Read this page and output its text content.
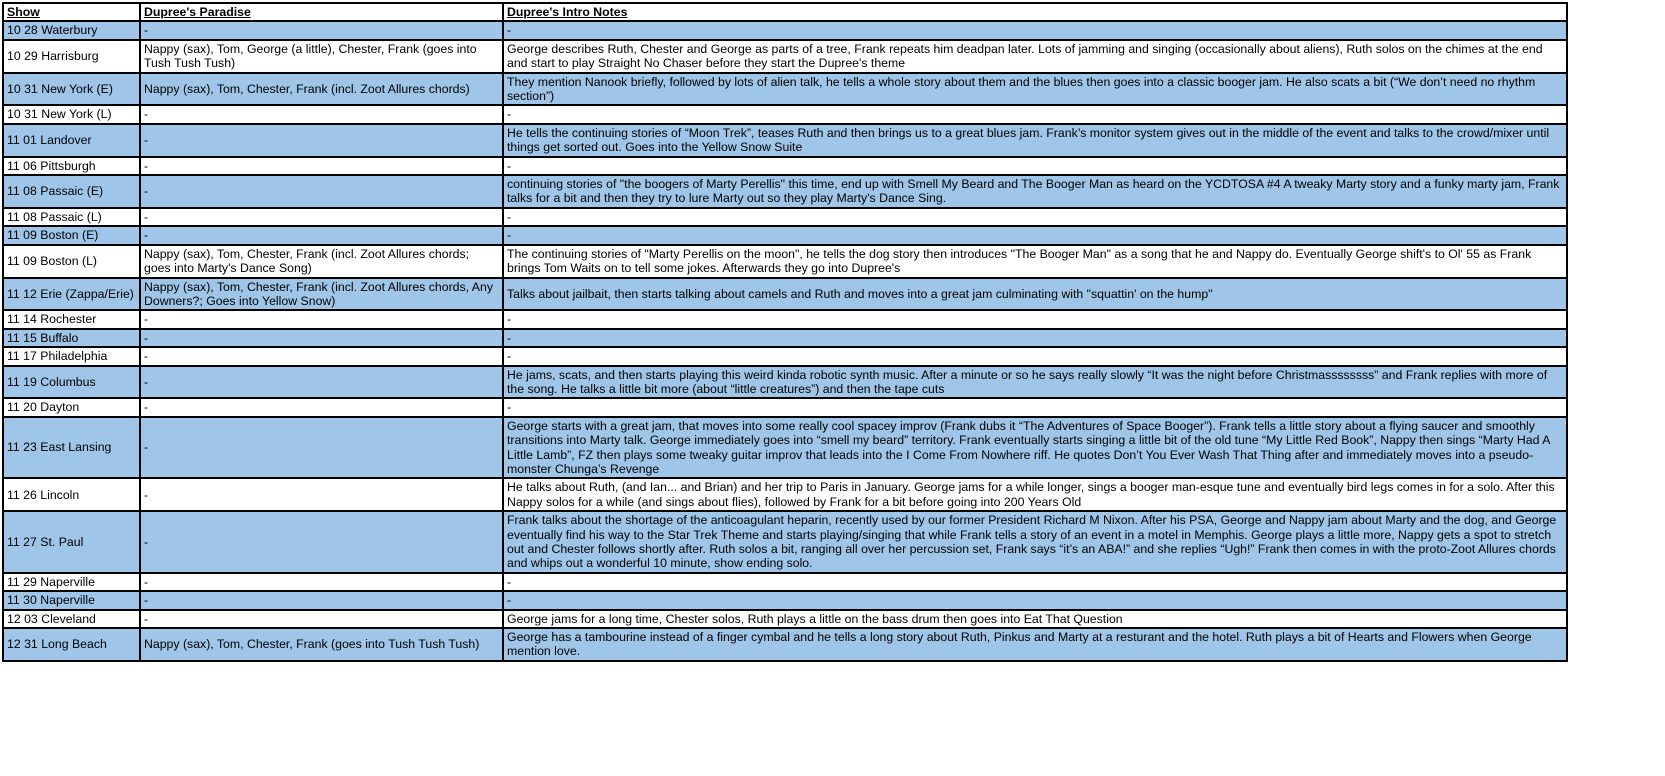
Show	Dupree's Paradise	Dupree's Intro Notes
10 28 Waterbury	-	-
10 29 Harrisburg	Nappy (sax), Tom, George (a little), Chester, Frank (goes into Tush Tush Tush)	George describes Ruth, Chester and George as parts of a tree, Frank repeats him deadpan later. Lots of jamming and singing (occasionally about aliens), Ruth solos on the chimes at the end and start to play Straight No Chaser before they start the Dupree's theme
10 31 New York (E)	Nappy (sax), Tom, Chester, Frank (incl. Zoot Allures chords)	They mention Nanook briefly, followed by lots of alien talk, he tells a whole story about them and the blues then goes into a classic booger jam. He also scats a bit (“We don’t need no rhythm section”)
10 31 New York (L)	-	-
11 01 Landover	-	He tells the continuing stories of “Moon Trek”, teases Ruth and then brings us to a great blues jam. Frank’s monitor system gives out in the middle of the event and talks to the crowd/mixer until things get sorted out. Goes into the Yellow Snow Suite
11 06 Pittsburgh	-	-
11 08 Passaic (E)	-	continuing stories of "the boogers of Marty Perellis" this time, end up with Smell My Beard and The Booger Man as heard on the YCDTOSA #4 A tweaky Marty story and a funky marty jam, Frank talks for a bit and then they try to lure Marty out so they play Marty's Dance Sing.
11 08 Passaic (L)	-	-
11 09 Boston (E)	-	-
11 09 Boston (L)	Nappy (sax), Tom, Chester, Frank (incl. Zoot Allures chords; goes into Marty's Dance Song)	The continuing stories of "Marty Perellis on the moon", he tells the dog story then introduces "The Booger Man" as a song that he and Nappy do. Eventually George shift's to Ol' 55 as Frank brings Tom Waits on to tell some jokes. Afterwards they go into Dupree's
11 12 Erie (Zappa/Erie)	Nappy (sax), Tom, Chester, Frank (incl. Zoot Allures chords, Any Downers?; Goes into Yellow Snow)	Talks about jailbait, then starts talking about camels and Ruth and moves into a great jam culminating with "squattin' on the hump"
11 14 Rochester	-	-
11 15 Buffalo	-	-
11 17 Philadelphia	-	-
11 19 Columbus	-	He jams, scats, and then starts playing this weird kinda robotic synth music. After a minute or so he says really slowly “It was the night before Christmassssssss” and Frank replies with more of the song. He talks a little bit more (about “little creatures”) and then the tape cuts
11 20 Dayton	-	-
11 23 East Lansing	-	George starts with a great jam, that moves into some really cool spacey improv (Frank dubs it “The Adventures of Space Booger”). Frank tells a little story about a flying saucer and smoothly transitions into Marty talk. George immediately goes into “smell my beard” territory. Frank eventually starts singing a little bit of the old tune “My Little Red Book”, Nappy then sings “Marty Had A Little Lamb”, FZ then plays some tweaky guitar improv that leads into the I Come From Nowhere riff. He quotes Don’t You Ever Wash That Thing after and immediately moves into a pseudo-monster Chunga’s Revenge
11 26 Lincoln	-	He talks about Ruth, (and Ian... and Brian) and her trip to Paris in January. George jams for a while longer, sings a booger man-esque tune and eventually bird legs comes in for a solo. After this Nappy solos for a while (and sings about flies), followed by Frank for a bit before going into 200 Years Old
11 27 St. Paul	-	Frank talks about the shortage of the anticoagulant heparin, recently used by our former President Richard M Nixon. After his PSA, George and Nappy jam about Marty and the dog, and George eventually find his way to the Star Trek Theme and starts playing/singing that while Frank tells a story of an event in a motel in Memphis. George plays a little more, Nappy gets a spot to stretch out and Chester follows shortly after. Ruth solos a bit, ranging all over her percussion set, Frank says “it’s an ABA!” and she replies “Ugh!” Frank then comes in with the proto-Zoot Allures chords and whips out a wonderful 10 minute, show ending solo.
11 29 Naperville	-	-
11 30 Naperville	-	-
12 03 Cleveland	-	George jams for a long time, Chester solos, Ruth plays a little on the bass drum then goes into Eat That Question
12 31 Long Beach	Nappy (sax), Tom, Chester, Frank (goes into Tush Tush Tush)	George has a tambourine instead of a finger cymbal and he tells a long story about Ruth, Pinkus and Marty at a resturant and the hotel. Ruth plays a bit of Hearts and Flowers when George mention love.
